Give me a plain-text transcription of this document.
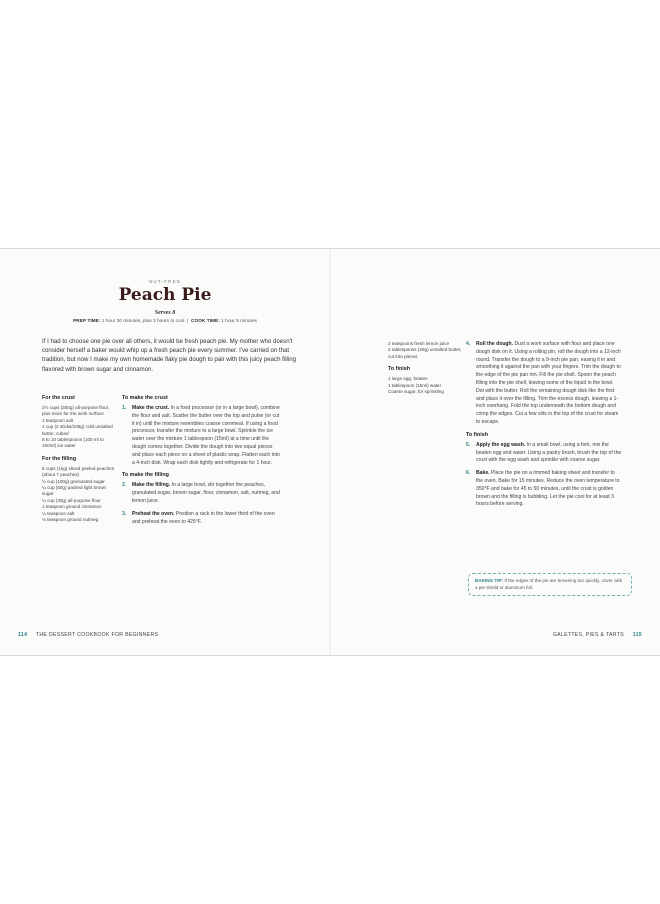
NUT-FREE
Peach Pie
Serves 8
PREP TIME: 1 hour 30 minutes, plus 3 hours to cool  |  COOK TIME: 1 hour 5 minutes
If I had to choose one pie over all others, it would be fresh peach pie. My mother who doesn't consider herself a baker would whip up a fresh peach pie every summer. I've carried on that tradition, but now I make my own homemade flaky pie dough to pair with this juicy peach filling flavored with brown sugar and cinnamon.
For the crust
2½ cups (300g) all-purpose flour, plus more for the work surface
1 teaspoon salt
1 cup (2 sticks/226g) cold unsalted butter, cubed
8 to 10 tablespoons (100 ml to 150ml) ice water
For the filling
6 cups (1kg) sliced peeled peaches (about 7 peaches)
½ cup (100g) granulated sugar
¼ cup (50g) packed light brown sugar
¼ cup (30g) all-purpose flour
1 teaspoon ground cinnamon
¼ teaspoon salt
⅛ teaspoon ground nutmeg
To make the crust
1. Make the crust. In a food processor (or in a large bowl), combine the flour and salt. Scatter the butter over the top and pulse (or cut it in) until the mixture resembles coarse cornmeal. If using a food processor, transfer the mixture to a large bowl. Sprinkle the ice water over the mixture 1 tablespoon (15ml) at a time until the dough comes together. Divide the dough into two equal pieces and place each piece on a sheet of plastic wrap. Flatten each into a 4-inch disk. Wrap each disk tightly and refrigerate for 1 hour.
To make the filling
2. Make the filling. In a large bowl, stir together the peaches, granulated sugar, brown sugar, flour, cinnamon, salt, nutmeg, and lemon juice.
3. Preheat the oven. Position a rack in the lower third of the oven and preheat the oven to 425°F.
114 THE DESSERT COOKBOOK FOR BEGINNERS
2 teaspoons fresh lemon juice
2 tablespoons (28g) unsalted butter, cut into pieces
To finish
1 large egg, beaten
1 tablespoon (15ml) water
Coarse sugar, for sprinkling
4. Roll the dough. Dust a work surface with flour and place one dough disk on it. Using a rolling pin, roll the dough into a 12-inch round. Transfer the dough to a 9-inch pie pan, easing it in and smoothing it against the pan with your fingers. Trim the dough to the edge of the pie pan rim. Fill the pie shell. Spoon the peach filling into the pie shell, leaving some of the liquid in the bowl. Dot with the butter. Roll the remaining dough disk like the first and place it over the filling. Trim the excess dough, leaving a 1-inch overhang. Fold the top underneath the bottom dough and crimp the edges. Cut a few slits in the top of the crust for steam to escape.
To finish
5. Apply the egg wash. In a small bowl, using a fork, mix the beaten egg and water. Using a pastry brush, brush the top of the crust with the egg wash and sprinkle with coarse sugar.
6. Bake. Place the pie on a rimmed baking sheet and transfer to the oven. Bake for 15 minutes. Reduce the oven temperature to 350°F and bake for 45 to 50 minutes, until the crust is golden brown and the filling is bubbling. Let the pie cool for at least 3 hours before serving.
BAKING TIP: If the edges of the pie are browning too quickly, cover with a pie shield or aluminum foil.
GALETTES, PIES & TARTS 115
